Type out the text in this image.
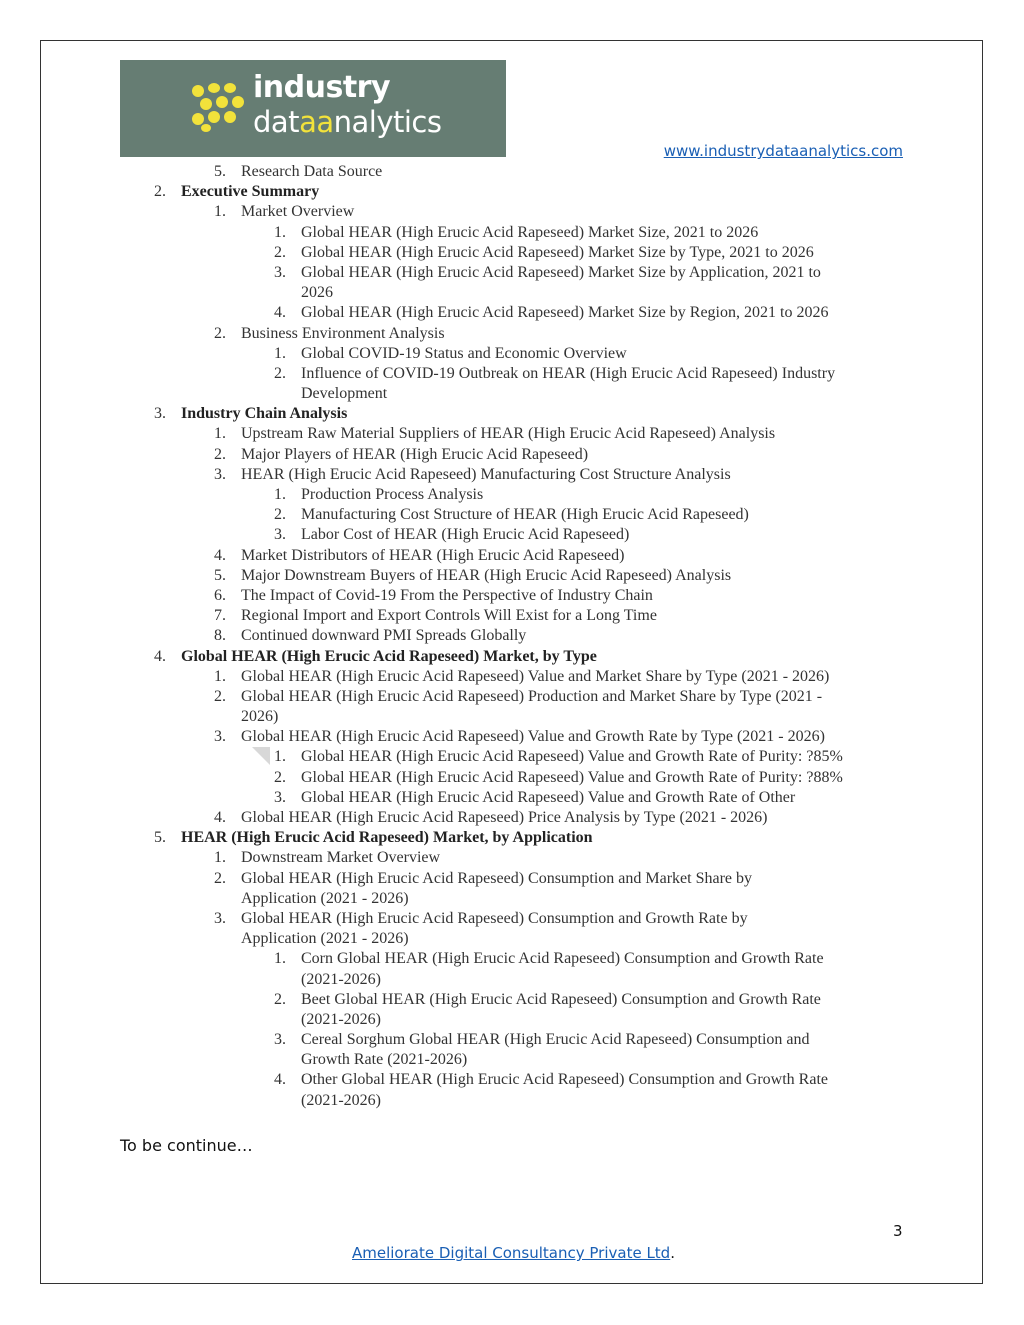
industry
dataanalytics
www.industrydataanalytics.com
5. Research Data Source
2. Executive Summary
1. Market Overview
1. Global HEAR (High Erucic Acid Rapeseed) Market Size, 2021 to 2026
2. Global HEAR (High Erucic Acid Rapeseed) Market Size by Type, 2021 to 2026
3. Global HEAR (High Erucic Acid Rapeseed) Market Size by Application, 2021 to
2026
4. Global HEAR (High Erucic Acid Rapeseed) Market Size by Region, 2021 to 2026
2. Business Environment Analysis
1. Global COVID-19 Status and Economic Overview
2. Influence of COVID-19 Outbreak on HEAR (High Erucic Acid Rapeseed) Industry
Development
3. Industry Chain Analysis
1. Upstream Raw Material Suppliers of HEAR (High Erucic Acid Rapeseed) Analysis
2. Major Players of HEAR (High Erucic Acid Rapeseed)
3. HEAR (High Erucic Acid Rapeseed) Manufacturing Cost Structure Analysis
1. Production Process Analysis
2. Manufacturing Cost Structure of HEAR (High Erucic Acid Rapeseed)
3. Labor Cost of HEAR (High Erucic Acid Rapeseed)
4. Market Distributors of HEAR (High Erucic Acid Rapeseed)
5. Major Downstream Buyers of HEAR (High Erucic Acid Rapeseed) Analysis
6. The Impact of Covid-19 From the Perspective of Industry Chain
7. Regional Import and Export Controls Will Exist for a Long Time
8. Continued downward PMI Spreads Globally
4. Global HEAR (High Erucic Acid Rapeseed) Market, by Type
1. Global HEAR (High Erucic Acid Rapeseed) Value and Market Share by Type (2021 - 2026)
2. Global HEAR (High Erucic Acid Rapeseed) Production and Market Share by Type (2021 -
2026)
3. Global HEAR (High Erucic Acid Rapeseed) Value and Growth Rate by Type (2021 - 2026)
1. Global HEAR (High Erucic Acid Rapeseed) Value and Growth Rate of Purity: ?85%
2. Global HEAR (High Erucic Acid Rapeseed) Value and Growth Rate of Purity: ?88%
3. Global HEAR (High Erucic Acid Rapeseed) Value and Growth Rate of Other
4. Global HEAR (High Erucic Acid Rapeseed) Price Analysis by Type (2021 - 2026)
5. HEAR (High Erucic Acid Rapeseed) Market, by Application
1. Downstream Market Overview
2. Global HEAR (High Erucic Acid Rapeseed) Consumption and Market Share by
Application (2021 - 2026)
3. Global HEAR (High Erucic Acid Rapeseed) Consumption and Growth Rate by
Application (2021 - 2026)
1. Corn Global HEAR (High Erucic Acid Rapeseed) Consumption and Growth Rate
(2021-2026)
2. Beet Global HEAR (High Erucic Acid Rapeseed) Consumption and Growth Rate
(2021-2026)
3. Cereal Sorghum Global HEAR (High Erucic Acid Rapeseed) Consumption and
Growth Rate (2021-2026)
4. Other Global HEAR (High Erucic Acid Rapeseed) Consumption and Growth Rate
(2021-2026)
To be continue…
3
Ameliorate Digital Consultancy Private Ltd.
